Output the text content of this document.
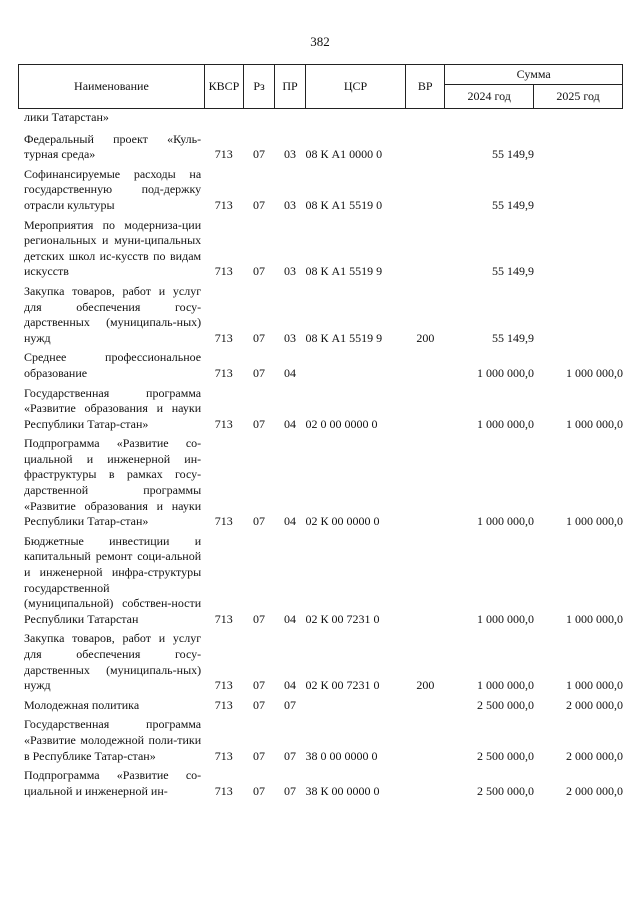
382
Наименование	КВСР	Рз	ПР	ЦСР	ВР	Сумма	
						2024 год	2025 год
лики Татарстан»							
Федеральный проект «Куль-турная среда»	713	07	03	08 К А1 0000 0		55 149,9	
Софинансируемые расходы на государственную под-держку отрасли культуры	713	07	03	08 К А1 5519 0		55 149,9	
Мероприятия по модерниза-ции региональных и муни-ципальных детских школ ис-кусств по видам искусств	713	07	03	08 К А1 5519 9		55 149,9	
Закупка товаров, работ и услуг для обеспечения госу-дарственных (муниципаль-ных) нужд	713	07	03	08 К А1 5519 9	200	55 149,9	
Среднее профессиональное образование	713	07	04			1 000 000,0	1 000 000,0
Государственная программа «Развитие образования и науки Республики Татар-стан»	713	07	04	02 0 00 0000 0		1 000 000,0	1 000 000,0
Подпрограмма «Развитие со-циальной и инженерной ин-фраструктуры в рамках госу-дарственной программы «Развитие образования и науки Республики Татар-стан»	713	07	04	02 К 00 0000 0		1 000 000,0	1 000 000,0
Бюджетные инвестиции и капитальный ремонт соци-альной и инженерной инфра-структуры государственной (муниципальной) собствен-ности Республики Татарстан	713	07	04	02 К 00 7231 0		1 000 000,0	1 000 000,0
Закупка товаров, работ и услуг для обеспечения госу-дарственных (муниципаль-ных) нужд	713	07	04	02 К 00 7231 0	200	1 000 000,0	1 000 000,0
Молодежная политика	713	07	07			2 500 000,0	2 000 000,0
Государственная программа «Развитие молодежной поли-тики в Республике Татар-стан»	713	07	07	38 0 00 0000 0		2 500 000,0	2 000 000,0
Подпрограмма «Развитие со-циальной и инженерной ин-	713	07	07	38 К 00 0000 0		2 500 000,0	2 000 000,0
